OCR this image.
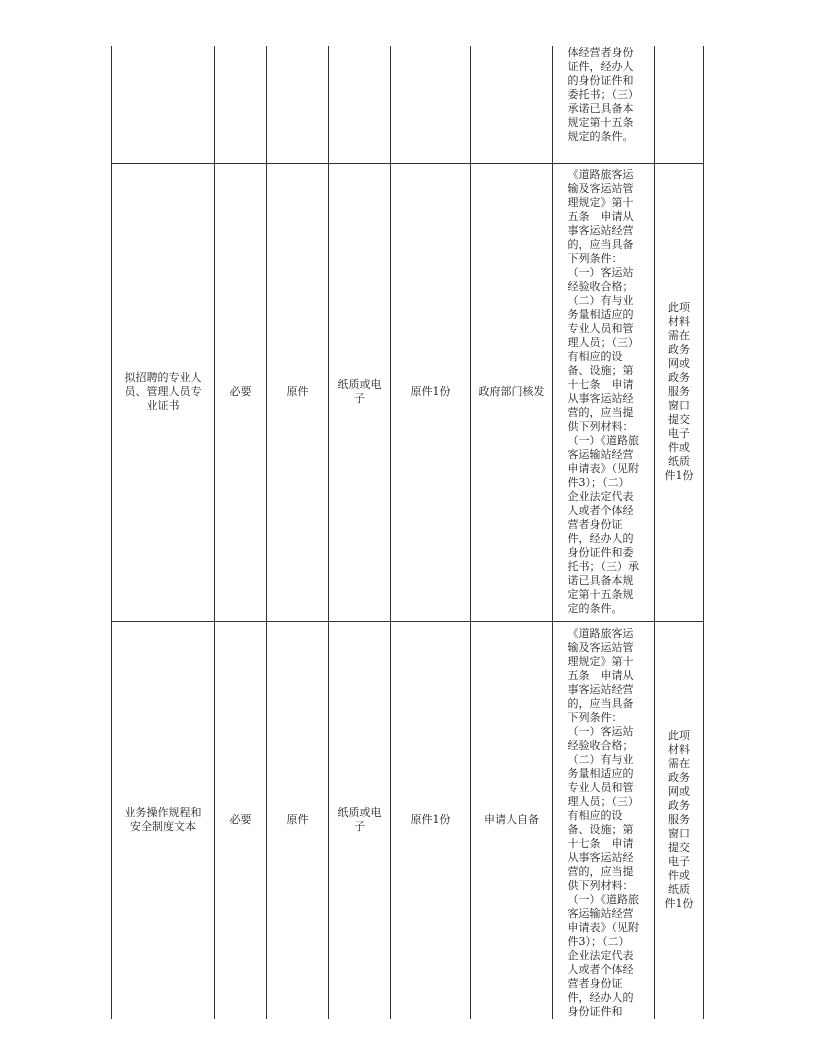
						体经营者身份证件，经办人的身份证件和委托书；（三）承诺已具备本规定第十五条规定的条件。	

拟招聘的专业人员、管理人员专业证书	必要	原件	纸质或电子	原件1份	政府部门核发	《道路旅客运输及客运站管理规定》第十五条　申请从事客运站经营的，应当具备下列条件：（一）客运站经验收合格；（二）有与业务量相适应的专业人员和管理人员；（三）有相应的设备、设施；第十七条　申请从事客运站经营的，应当提供下列材料：（一）《道路旅客运输站经营申请表》（见附件3）；（二）企业法定代表人或者个体经营者身份证件，经办人的身份证件和委托书；（三）承诺已具备本规定第十五条规定的条件。	此项材料需在政务网或政务服务窗口提交电子件或纸质件1份

业务操作规程和安全制度文本	必要	原件	纸质或电子	原件1份	申请人自备	《道路旅客运输及客运站管理规定》第十五条　申请从事客运站经营的，应当具备下列条件：（一）客运站经验收合格；（二）有与业务量相适应的专业人员和管理人员；（三）有相应的设备、设施；第十七条　申请从事客运站经营的，应当提供下列材料：（一）《道路旅客运输站经营申请表》（见附件3）；（二）企业法定代表人或者个体经营者身份证件，经办人的身份证件和	此项材料需在政务网或政务服务窗口提交电子件或纸质件1份
